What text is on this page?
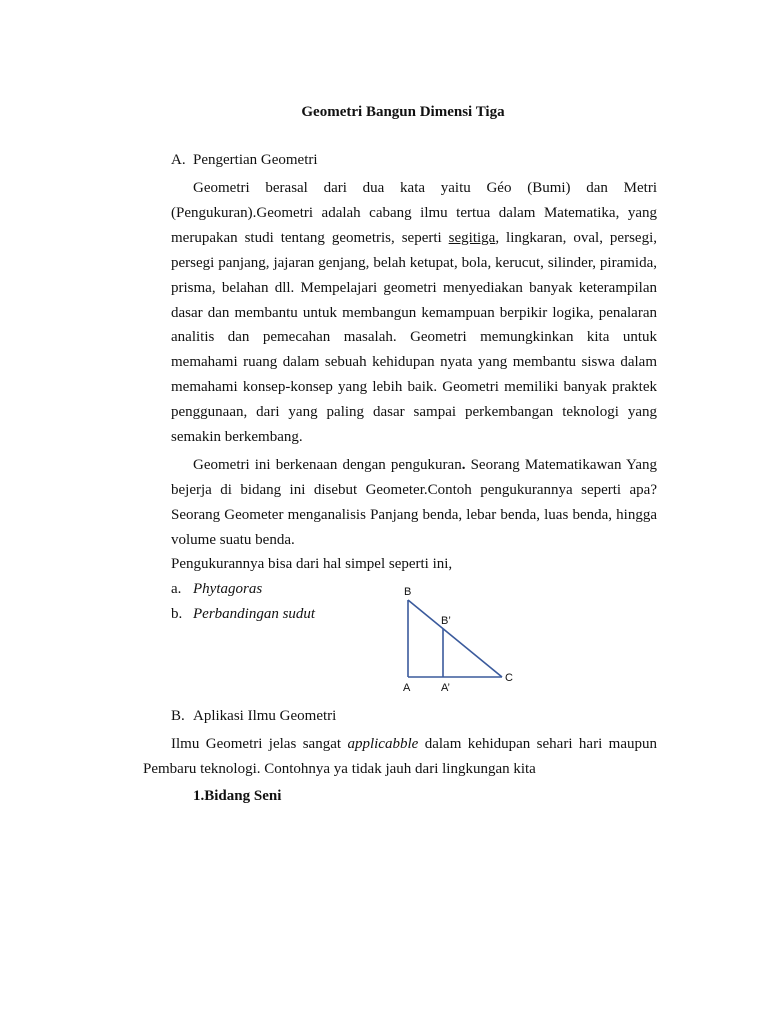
Geometri Bangun Dimensi Tiga
A. Pengertian Geometri

Geometri berasal dari dua kata yaitu Géo (Bumi) dan Metri (Pengukuran).Geometri adalah cabang ilmu tertua dalam Matematika, yang merupakan studi tentang geometris, seperti segitiga, lingkaran, oval, persegi, persegi panjang, jajaran genjang, belah ketupat, bola, kerucut, silinder, piramida, prisma, belahan dll. Mempelajari geometri menyediakan banyak keterampilan dasar dan membantu untuk membangun kemampuan berpikir logika, penalaran analitis dan pemecahan masalah. Geometri memungkinkan kita untuk memahami ruang dalam sebuah kehidupan nyata yang membantu siswa dalam memahami konsep-konsep yang lebih baik. Geometri memiliki banyak praktek penggunaan, dari yang paling dasar sampai perkembangan teknologi yang semakin berkembang.

Geometri ini berkenaan dengan pengukuran. Seorang Matematikawan Yang bejerja di bidang ini disebut Geometer.Contoh pengukurannya seperti apa? Seorang Geometer menganalisis Panjang benda, lebar benda, luas benda, hingga volume suatu benda.

Pengukurannya bisa dari hal simpel seperti ini,
a. Phytagoras
b. Perbandingan sudut
B
B’
C
A	A’
B. Aplikasi Ilmu Geometri

Ilmu Geometri jelas sangat applicabble dalam kehidupan sehari hari maupun Pembaru teknologi. Contohnya ya tidak jauh dari lingkungan kita

1.Bidang Seni
